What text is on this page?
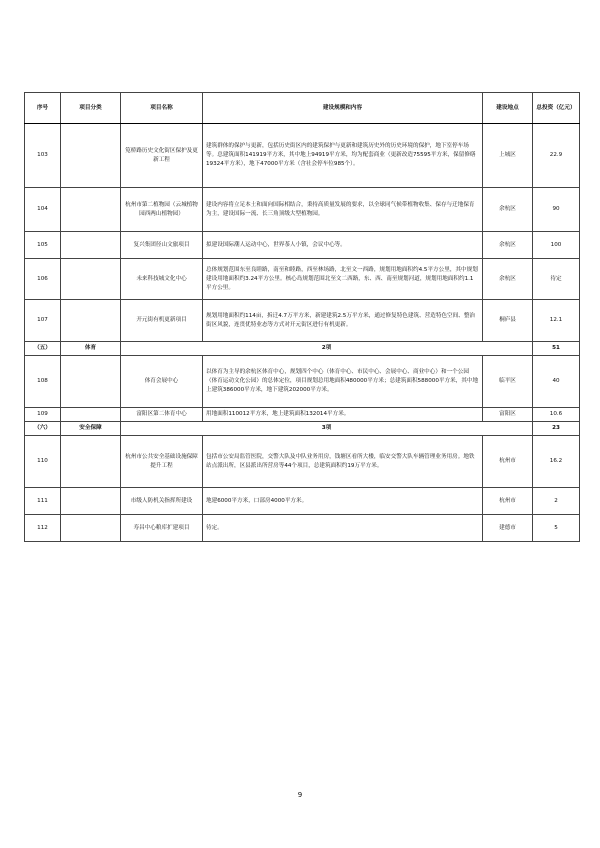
序号	项目分类	项目名称	建设规模和内容	建设地点	总投资（亿元）
103		笕桥路历史文化街区保护及更新工程	建筑群体的保护与更新，包括历史街区内的建筑保护与更新和建筑历史外的历史环境的保护，地下室停车场等。总建筑面积141919平方米，其中地上94919平方米，均为配套商业（更新改造75595平方米，保留修缮19324平方米），地下47000平方米（含社会停车位985个）。	上城区	22.9
104		杭州市第二植物园（云城植物园西两山植物园）	建设内容将立足本土和面向国际相结合，秉持高质量发展的要求，以全球同气候带植物收集、保存与迁地保育为主，建设国际一流、长三角顶级大型植物园。	余杭区	90
105		复兴集团径山文旅项目	拟建设国际潮人运动中心，世界茶人小镇，会议中心等。	余杭区	100
106		未来科技城文化中心	总体规划范围东至良睦路，南至和睦路，西至林场路，北至文一西路，规划用地面积约4.5平方公里，其中规划建设用地面积约3.24平方公里。核心岛规划范围北至文二西路，东、西、南至规划河道，规划用地面积约1.1平方公里。	余杭区	待定
107		开元街有机更新项目	规划用地面积约114亩，拆迁4.7万平方米，新建建筑2.5万平方米，通过修复特色建筑、营造特色空间、整治街区风貌，连贯优特业态等方式对开元街区进行有机更新。	桐庐县	12.1
（五）	体育	2项			51
108		体育会展中心	以体育为主导的余杭区体育中心，规划四个中心（体育中心、市民中心、会展中心、商业中心）和一个公园（体育运动文化公园）的总体定位，项目规划总用地面积480000平方米；总建筑面积588000平方米，其中地上建筑386000平方米，地下建筑202000平方米。	临平区	40
109		富阳区第二体育中心	用地面积110012平方米，地上建筑面积132014平方米。	富阳区	10.6
（六）	安全保障	3项			23
110		杭州市公共安全基础设施保障提升工程	包括市公安局监管医院，交警大队及中队业务用房，钱塘区看所大楼，临安交警大队车辆管理业务用房。地铁站点派出所，区县派出所营房等44个项目，总建筑面积约19万平方米。	杭州市	16.2
111		市级人防机关指挥所建设	地建6000平方米，口部房4000平方米。	杭州市	2
112		寿昌中心粮库扩建项目	待定。	建德市	5
9
